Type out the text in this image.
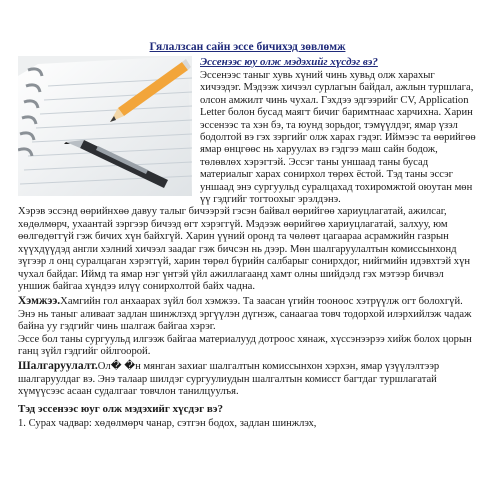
Гялалзсан сайн эссе бичихэд зөвлөмж
Эссенээс юу олж мэдэхийг хүсдэг вэ?

Эссенээс таныг хувь хүний чинь хувьд олж харахыг хичээдэг. Мэдээж хичээл сурлагын байдал, ажлын туршлага, олсон амжилт чинь чухал. Гэхдээ эдгээрийг CV, Application Letter болон бусад маягт бичиг баримтнаас харчихна. Харин эссенээс та хэн бэ, та юунд зорьдог, тэмүүлдэг, ямар үзэл бодолтой вэ гэх зэргийг олж харах гэдэг. Иймээс та өөрийгөө ямар өнцгөөс нь харуулах вэ гэдгээ маш сайн бодож, төлөвлөх хэрэгтэй. Эссэг таны уншаад таны бусад материалыг харах сонирхол төрөх ёстой. Тэд таны эссэг уншаад энэ сургуульд суралцахад тохиромжтой оюутан мөн үү гэдгийг тогтоохыг эрэлдэнэ.

Хэрэв эссэнд өөрийнхөө давуу талыг бичээрэй гэсэн байвал өөрийгөө хариуцлагатай, ажилсаг, хөдөлмөрч, ухаантай зэргээр бичээд өгт хэрэггүй. Мэдээж өөрийгөө хариуцлагатай, залхуу, юм өөлгөдөггүй гэж бичих хүн байхгүй. Харин үүний оронд та чөлөөт цагаараа асрамжийн газрын хүүхдүүдэд англи хэлний хичээл заадаг гэж бичсэн нь дээр. Мөн шалгаруулалтын комиссынхонд зүгээр л онц суралцаган хэрэггүй, харин төрөл бүрийн салбарыг сонирхдог, нийгмийн идэвхтэй хүн чухал байдаг. Иймд та ямар нэг үнтэй үйл ажиллагаанд хамт олны шийдэлд гэх мэтээр бичвэл уншиж байгаа хүндээ илүү сонирхолтой байх чадна.

Хэмжээ.Хамгийн гол анхаарах зүйл бол хэмжээ. Та заасан үгийн тоонoос хэтрүүлж огт болохгүй. Энэ нь таныг аливаат задлан шинжлэхд эргүүлэн дүгнэж, санаагаа товч тодорхой илэрхийлэж чадаж байна уу гэдгийг чинь шалгаж байгаа хэрэг.
Эссе бол таны сургуульд илгээж байгаа материалууд дотроос хянаж, хүссэнээрээ хийж болох цорын ганц зүйл гэдгийг ойлгоорой.

Шалгаруулалт.Ол� �н мянган захиаг шалгалтын комиссынхон хэрхэн, ямар үзүүлэлтээр шалгаруулдаг вэ. Энэ талаар шилдэг сургуулиудын шалгалтын комисст багтдаг туршлагатай хүмүүсээс асаан судалгааг товчлон танилцуулъя.

Тэд эссенээс юуг олж мэдэхийг хүсдэг вэ?

1. Сурах чадвар: хөдөлмөрч чанар, сэтгэн бодох, задлан шинжлэх,
